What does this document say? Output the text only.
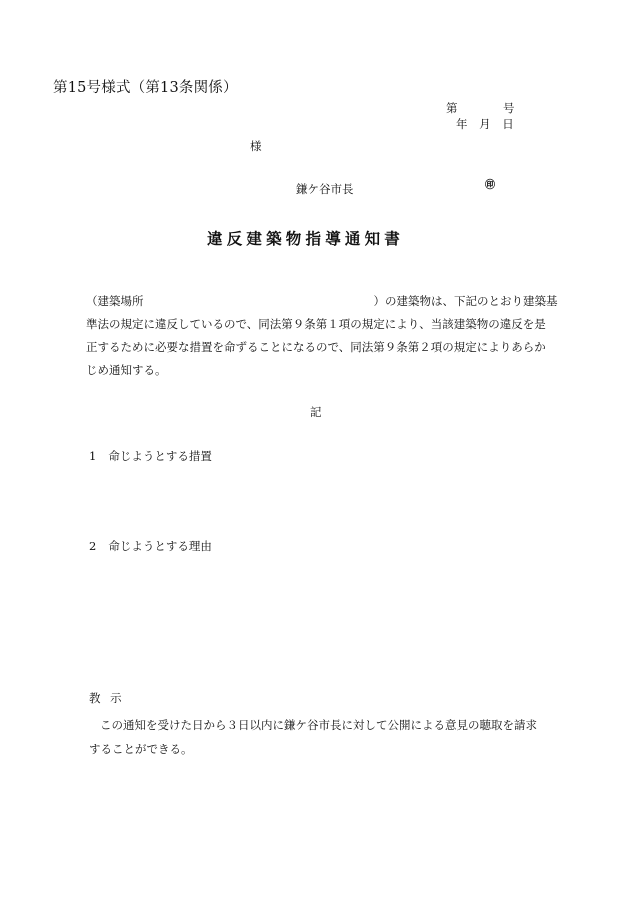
第15号様式（第13条関係）
第	号
年 月 日
様
鎌ケ谷市長	㊞
違反建築物指導通知書
（建築場所　　　　　　　　　　　　　　　　　　　　）の建築物は、下記のとおり建築基
準法の規定に違反しているので、同法第９条第１項の規定により、当該建築物の違反を是
正するために必要な措置を命ずることになるので、同法第９条第２項の規定によりあらか
じめ通知する。
記
1 命じようとする措置
2 命じようとする理由
教 示
この通知を受けた日から３日以内に鎌ケ谷市長に対して公開による意見の聴取を請求
することができる。
